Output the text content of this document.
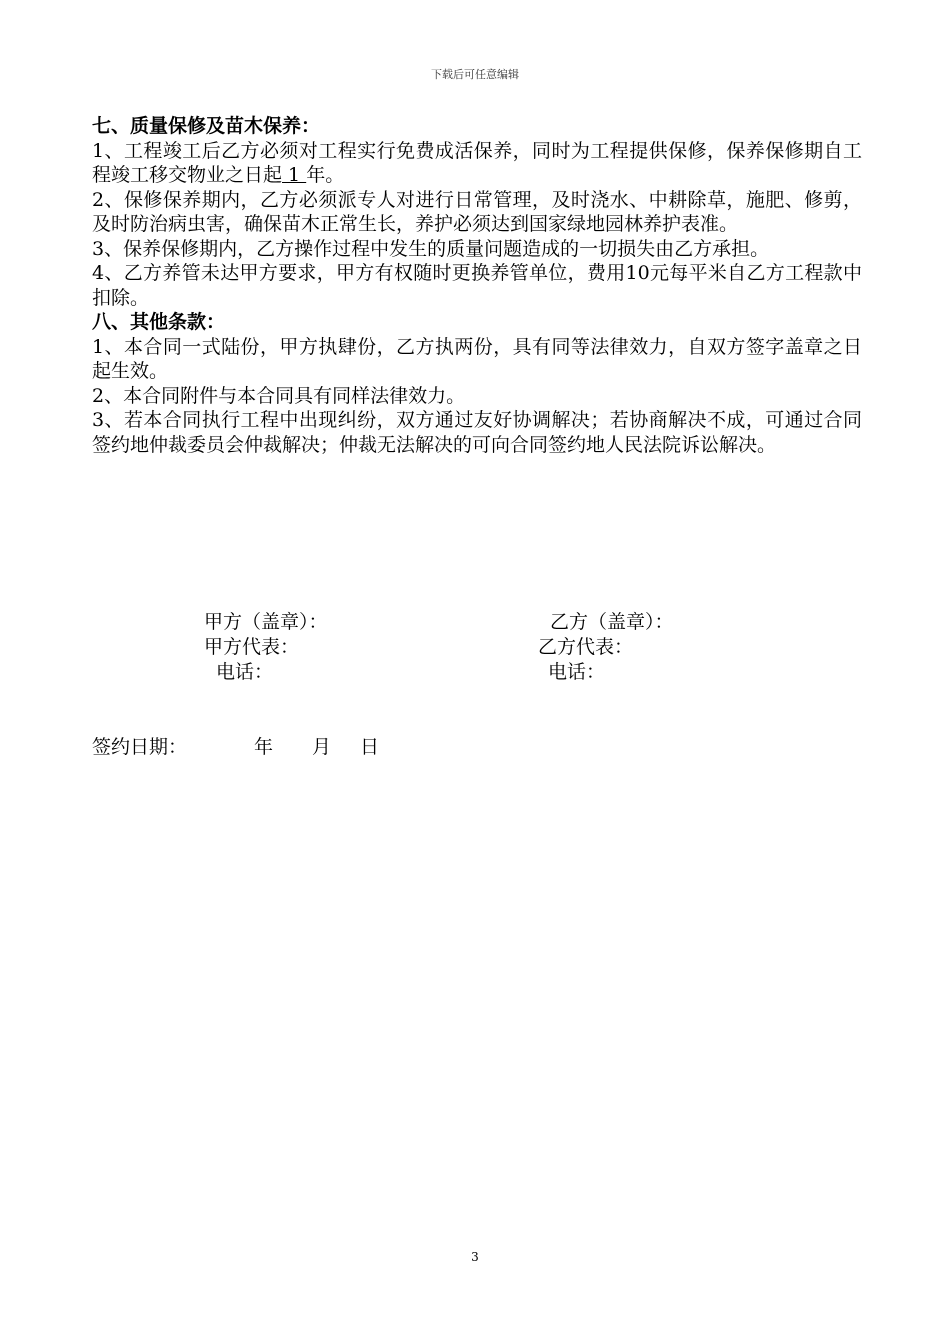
下载后可任意编辑

七、质量保修及苗木保养：

1、工程竣工后乙方必须对工程实行免费成活保养，同时为工程提供保修，保养保修期自工程竣工移交物业之日起 1 年。

2、保修保养期内，乙方必须派专人对进行日常管理，及时浇水、中耕除草，施肥、修剪，及时防治病虫害，确保苗木正常生长，养护必须达到国家绿地园林养护表准。

3、保养保修期内，乙方操作过程中发生的质量问题造成的一切损失由乙方承担。

4、乙方养管未达甲方要求，甲方有权随时更换养管单位，费用10元每平米自乙方工程款中扣除。

八、其他条款：

1、本合同一式陆份，甲方执肆份，乙方执两份，具有同等法律效力，自双方签字盖章之日起生效。

2、本合同附件与本合同具有同样法律效力。

3、若本合同执行工程中出现纠纷，双方通过友好协调解决；若协商解决不成，可通过合同签约地仲裁委员会仲裁解决；仲裁无法解决的可向合同签约地人民法院诉讼解决。

甲方（盖章）：
甲方代表：
电话：
乙方（盖章）：
乙方代表：
电话：
签约日期：	年 月 日
3
